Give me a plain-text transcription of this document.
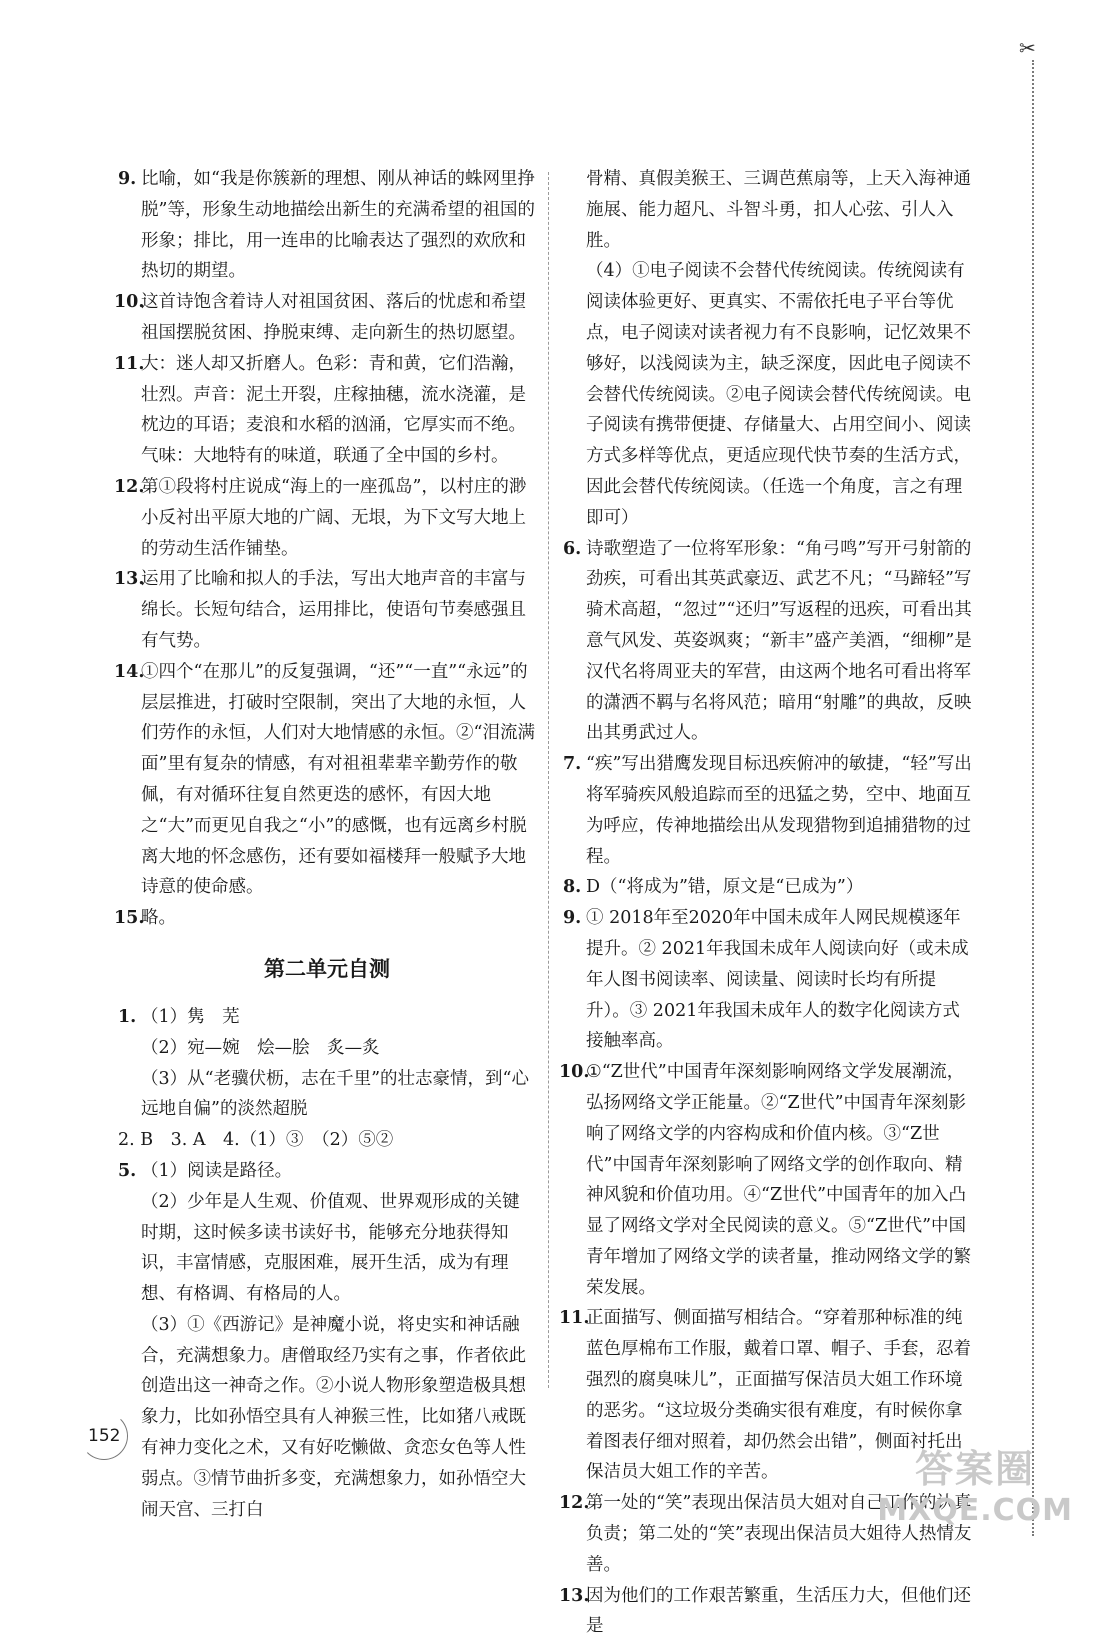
✂

9. 比喻，如“我是你簇新的理想、刚从神话的蛛网里挣脱”等，形象生动地描绘出新生的充满希望的祖国的形象；排比，用一连串的比喻表达了强烈的欢欣和热切的期望。

10.
这首诗饱含着诗人对祖国贫困、落后的忧虑和希望祖国摆脱贫困、挣脱束缚、走向新生的热切愿望。

11.
大：迷人却又折磨人。色彩：青和黄，它们浩瀚，壮烈。声音：泥土开裂，庄稼抽穗，流水浇灌，是枕边的耳语；麦浪和水稻的汹涌，它厚实而不绝。气味：大地特有的味道，联通了全中国的乡村。

12.
第①段将村庄说成“海上的一座孤岛”，以村庄的渺小反衬出平原大地的广阔、无垠，为下文写大地上的劳动生活作铺垫。

13.
运用了比喻和拟人的手法，写出大地声音的丰富与绵长。长短句结合，运用排比，使语句节奏感强且有气势。

14.
①四个“在那儿”的反复强调，“还”“一直”“永远”的层层推进，打破时空限制，突出了大地的永恒，人们劳作的永恒，人们对大地情感的永恒。②“泪流满面”里有复杂的情感，有对祖祖辈辈辛勤劳作的敬佩，有对循环往复自然更迭的感怀，有因大地之“大”而更见自我之“小”的感慨，也有远离乡村脱离大地的怀念感伤，还有要如福楼拜一般赋予大地诗意的使命感。

15.
略。

第二单元自测

1. （1）隽　芜

（2）宛—婉　烩—脍　炙—炙

（3）从“老骥伏枥，志在千里”的壮志豪情，到“心远地自偏”的淡然超脱

2. B　3. A　4.（1）③　（2）⑤②

5. （1）阅读是路径。

（2）少年是人生观、价值观、世界观形成的关键时期，这时候多读书读好书，能够充分地获得知识，丰富情感，克服困难，展开生活，成为有理想、有格调、有格局的人。

（3）①《西游记》是神魔小说，将史实和神话融合，充满想象力。唐僧取经乃实有之事，作者依此创造出这一神奇之作。②小说人物形象塑造极具想象力，比如孙悟空具有人神猴三性，比如猪八戒既有神力变化之术，又有好吃懒做、贪恋女色等人性弱点。③情节曲折多变，充满想象力，如孙悟空大闹天宫、三打白

骨精、真假美猴王、三调芭蕉扇等，上天入海神通施展、能力超凡、斗智斗勇，扣人心弦、引人入胜。

（4）①电子阅读不会替代传统阅读。传统阅读有阅读体验更好、更真实、不需依托电子平台等优点，电子阅读对读者视力有不良影响，记忆效果不够好，以浅阅读为主，缺乏深度，因此电子阅读不会替代传统阅读。②电子阅读会替代传统阅读。电子阅读有携带便捷、存储量大、占用空间小、阅读方式多样等优点，更适应现代快节奏的生活方式，因此会替代传统阅读。（任选一个角度，言之有理即可）

6. 诗歌塑造了一位将军形象：“角弓鸣”写开弓射箭的劲疾，可看出其英武豪迈、武艺不凡；“马蹄轻”写骑术高超，“忽过”“还归”写返程的迅疾，可看出其意气风发、英姿飒爽；“新丰”盛产美酒，“细柳”是汉代名将周亚夫的军营，由这两个地名可看出将军的潇洒不羁与名将风范；暗用“射雕”的典故，反映出其勇武过人。

7. “疾”写出猎鹰发现目标迅疾俯冲的敏捷，“轻”写出将军骑疾风般追踪而至的迅猛之势，空中、地面互为呼应，传神地描绘出从发现猎物到追捕猎物的过程。

8. D（“将成为”错，原文是“已成为”）

9. ① 2018年至2020年中国未成年人网民规模逐年提升。② 2021年我国未成年人阅读向好（或未成年人图书阅读率、阅读量、阅读时长均有所提升）。③ 2021年我国未成年人的数字化阅读方式接触率高。

10.
①“Z世代”中国青年深刻影响网络文学发展潮流，弘扬网络文学正能量。②“Z世代”中国青年深刻影响了网络文学的内容构成和价值内核。③“Z世代”中国青年深刻影响了网络文学的创作取向、精神风貌和价值功用。④“Z世代”中国青年的加入凸显了网络文学对全民阅读的意义。⑤“Z世代”中国青年增加了网络文学的读者量，推动网络文学的繁荣发展。

11.
正面描写、侧面描写相结合。“穿着那种标准的纯蓝色厚棉布工作服，戴着口罩、帽子、手套，忍着强烈的腐臭味儿”，正面描写保洁员大姐工作环境的恶劣。“这垃圾分类确实很有难度，有时候你拿着图表仔细对照着，却仍然会出错”，侧面衬托出保洁员大姐工作的辛苦。

12.
第一处的“笑”表现出保洁员大姐对自己工作的认真负责；第二处的“笑”表现出保洁员大姐待人热情友善。

13.
因为他们的工作艰苦繁重，生活压力大，但他们还是

152
答案圈
MXQE.COM
